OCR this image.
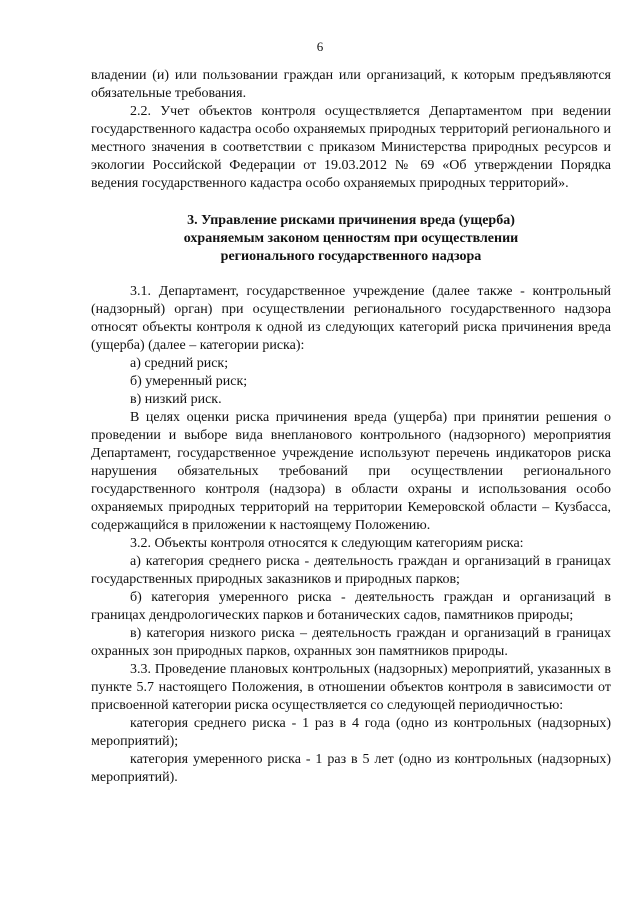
6

владении (и) или пользовании граждан или организаций, к которым предъявляются обязательные требования.

2.2. Учет объектов контроля осуществляется Департаментом при ведении государственного кадастра особо охраняемых природных территорий регионального и местного значения в соответствии с приказом Министерства природных ресурсов и экологии Российской Федерации от 19.03.2012 № 69 «Об утверждении Порядка ведения государственного кадастра особо охраняемых природных территорий».

3. Управление рисками причинения вреда (ущерба)
охраняемым законом ценностям при осуществлении
регионального государственного надзора

3.1. Департамент, государственное учреждение (далее также - контрольный (надзорный) орган) при осуществлении регионального государственного надзора относят объекты контроля к одной из следующих категорий риска причинения вреда (ущерба) (далее – категории риска):

а) средний риск;

б) умеренный риск;

в) низкий риск.

В целях оценки риска причинения вреда (ущерба) при принятии решения о проведении и выборе вида внепланового контрольного (надзорного) мероприятия Департамент, государственное учреждение используют перечень индикаторов риска нарушения обязательных требований при осуществлении регионального государственного контроля (надзора) в области охраны и использования особо охраняемых природных территорий на территории Кемеровской области – Кузбасса, содержащийся в приложении к настоящему Положению.

3.2. Объекты контроля относятся к следующим категориям риска:

а) категория среднего риска - деятельность граждан и организаций в границах государственных природных заказников и природных парков;

б) категория умеренного риска - деятельность граждан и организаций в границах дендрологических парков и ботанических садов, памятников природы;

в) категория низкого риска – деятельность граждан и организаций в границах охранных зон природных парков, охранных зон памятников природы.

3.3. Проведение плановых контрольных (надзорных) мероприятий, указанных в пункте 5.7 настоящего Положения, в отношении объектов контроля в зависимости от присвоенной категории риска осуществляется со следующей периодичностью:

категория среднего риска - 1 раз в 4 года (одно из контрольных (надзорных) мероприятий);

категория умеренного риска - 1 раз в 5 лет (одно из контрольных (надзорных) мероприятий).
